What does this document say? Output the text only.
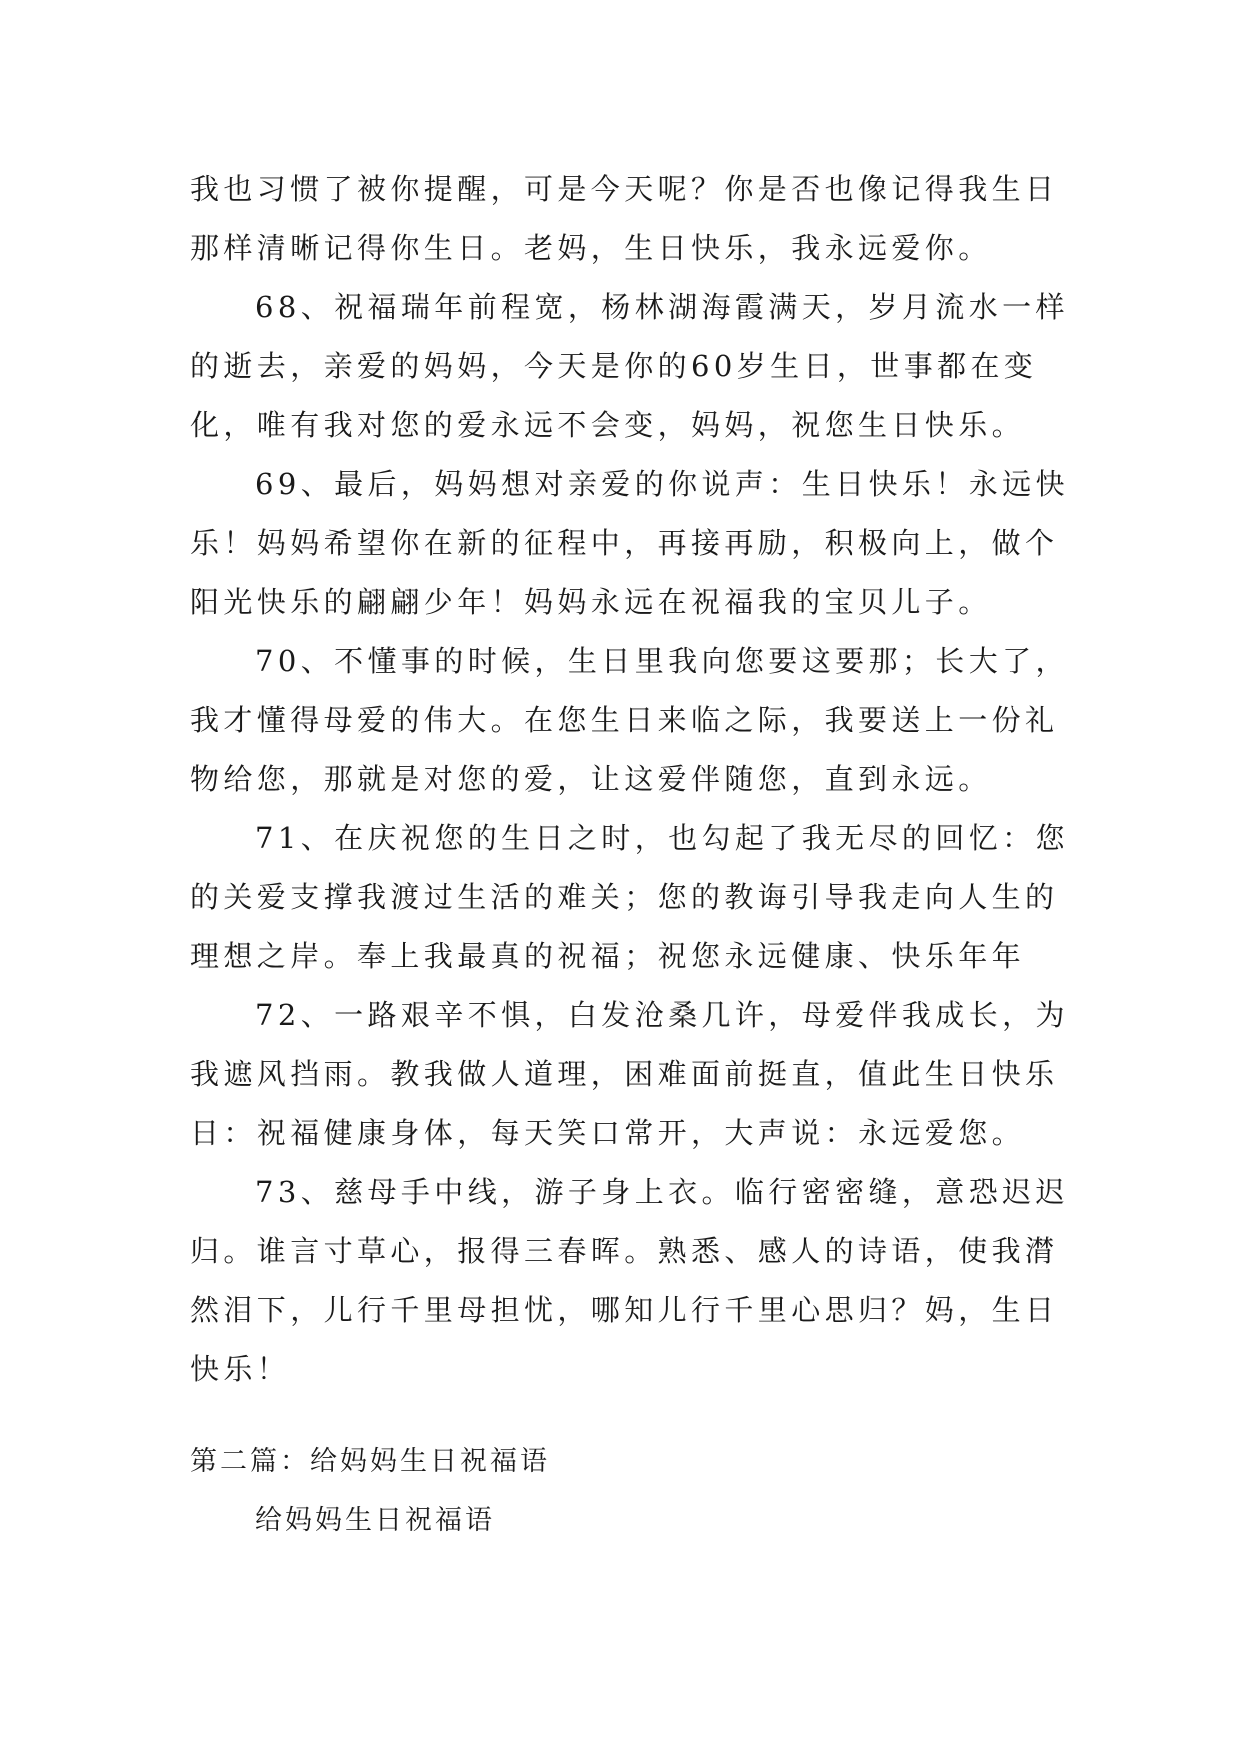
我也习惯了被你提醒，可是今天呢？你是否也像记得我生日
那样清晰记得你生日。老妈，生日快乐，我永远爱你。
68、祝福瑞年前程宽，杨林湖海霞满天，岁月流水一样
的逝去，亲爱的妈妈，今天是你的60岁生日，世事都在变
化，唯有我对您的爱永远不会变，妈妈，祝您生日快乐。
69、最后，妈妈想对亲爱的你说声：生日快乐！永远快
乐！妈妈希望你在新的征程中，再接再励，积极向上，做个
阳光快乐的翩翩少年！妈妈永远在祝福我的宝贝儿子。
70、不懂事的时候，生日里我向您要这要那；长大了，
我才懂得母爱的伟大。在您生日来临之际，我要送上一份礼
物给您，那就是对您的爱，让这爱伴随您，直到永远。
71、在庆祝您的生日之时，也勾起了我无尽的回忆：您
的关爱支撑我渡过生活的难关；您的教诲引导我走向人生的
理想之岸。奉上我最真的祝福；祝您永远健康、快乐年年
72、一路艰辛不惧，白发沧桑几许，母爱伴我成长，为
我遮风挡雨。教我做人道理，困难面前挺直，值此生日快乐
日：祝福健康身体，每天笑口常开，大声说：永远爱您。
73、慈母手中线，游子身上衣。临行密密缝，意恐迟迟
归。谁言寸草心，报得三春晖。熟悉、感人的诗语，使我潸
然泪下，儿行千里母担忧，哪知儿行千里心思归？妈，生日
快乐！
第二篇：给妈妈生日祝福语
给妈妈生日祝福语
